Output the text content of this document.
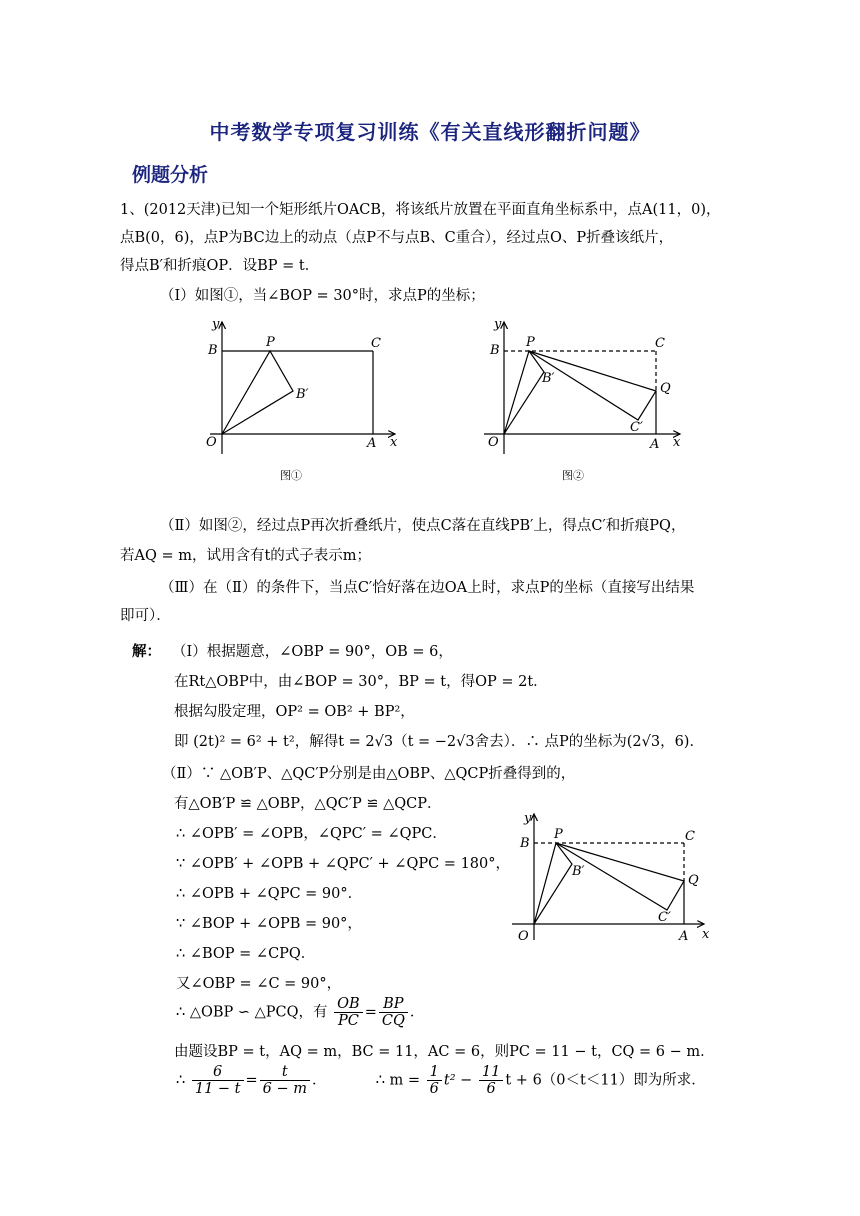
中考数学专项复习训练《有关直线形翻折问题》
例题分析
1、(2012天津)已知一个矩形纸片OACB，将该纸片放置在平面直角坐标系中，点A(11，0)，
点B(0，6)，点P为BC边上的动点（点P不与点B、C重合），经过点O、P折叠该纸片，
得点B′和折痕OP．设BP = t．
（Ⅰ）如图①，当∠BOP = 30°时，求点P的坐标；
y
x
O	A
B	C
P
B′
图①
y
x
O	A
B	C
P
B′
Q
C′
图②
（Ⅱ）如图②，经过点P再次折叠纸片，使点C落在直线PB′上，得点C′和折痕PQ，
若AQ = m，试用含有t的式子表示m；
（Ⅲ）在（Ⅱ）的条件下，当点C′恰好落在边OA上时，求点P的坐标（直接写出结果
即可）．
解： （Ⅰ）根据题意，∠OBP = 90°，OB = 6，
在Rt△OBP中，由∠BOP = 30°，BP = t，得OP = 2t．
根据勾股定理，OP² = OB² + BP²，
即 (2t)² = 6² + t²，解得t = 2√3（t = −2√3舍去）．∴ 点P的坐标为(2√3，6)．
（Ⅱ）∵ △OB′P、△QC′P分别是由△OBP、△QCP折叠得到的，
有△OB′P ≌ △OBP，△QC′P ≌ △QCP．
∴ ∠OPB′ = ∠OPB，∠QPC′ = ∠QPC．
∵ ∠OPB′ + ∠OPB + ∠QPC′ + ∠QPC = 180°，
∴ ∠OPB + ∠QPC = 90°．
∵ ∠BOP + ∠OPB = 90°，
∴ ∠BOP = ∠CPQ．
又∠OBP = ∠C = 90°，
∴ △OBP ∽ △PCQ，有 $\frac{OB}{PC} = \frac{BP}{CQ}$ ．
由题设BP = t，AQ = m，BC = 11，AC = 6，则PC = 11 − t，CQ = 6 − m．
∴ $\frac{6}{11 - t} = \frac{t}{6 - m}$ ．	∴ $m = \frac{1}{6} t^2 - \frac{11}{6}$ t + 6（0＜t＜11）即为所求．
y
x
O	A
B	C
P
B′
Q
C′
